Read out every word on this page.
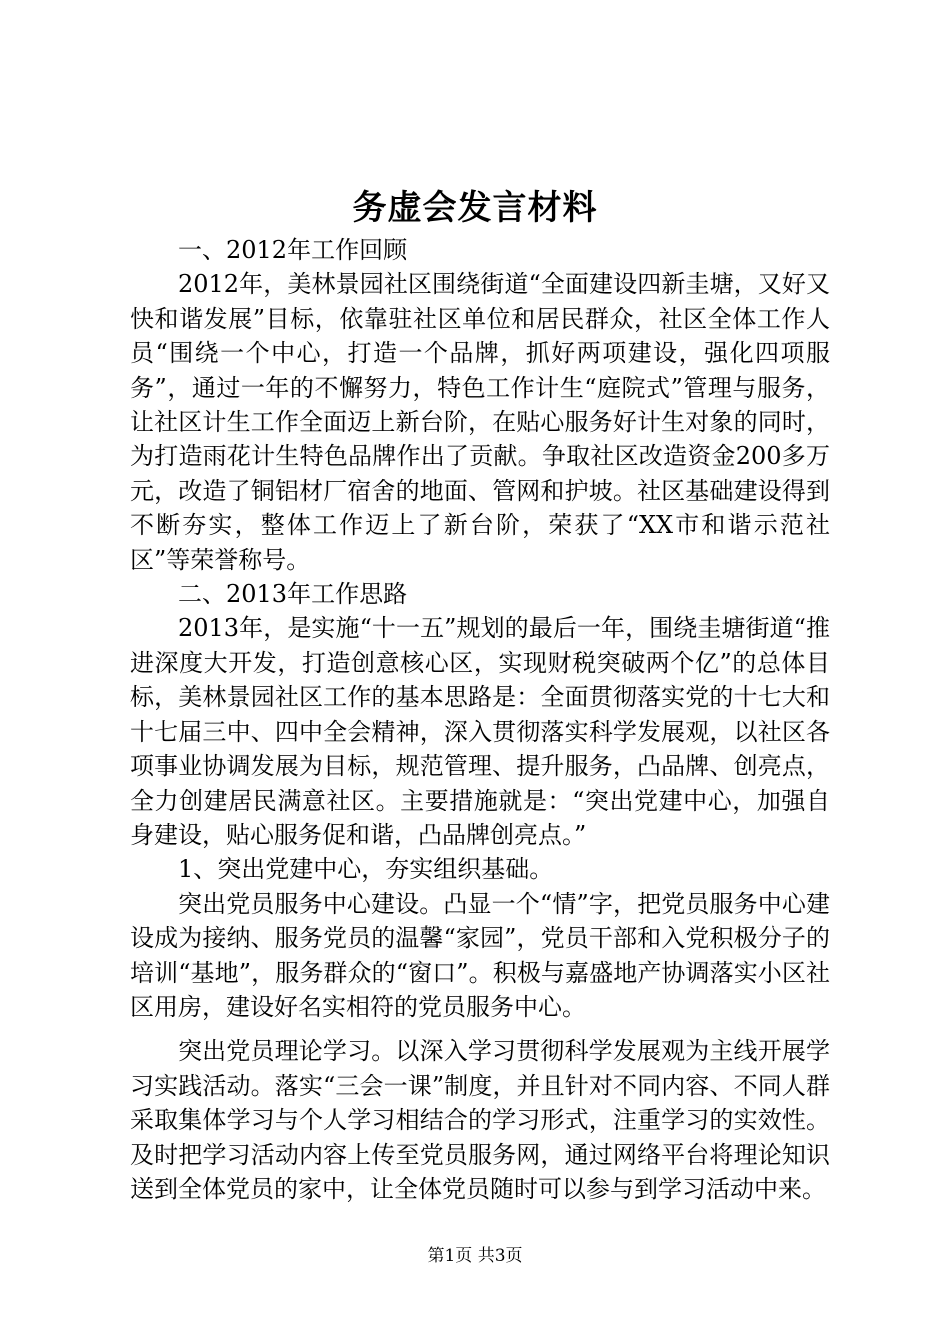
务虚会发言材料

一、2012年工作回顾

2012年，美林景园社区围绕街道“全面建设四新圭塘，又好又快和谐发展”目标，依靠驻社区单位和居民群众，社区全体工作人员“围绕一个中心，打造一个品牌，抓好两项建设，强化四项服务”，通过一年的不懈努力，特色工作计生“庭院式”管理与服务，让社区计生工作全面迈上新台阶，在贴心服务好计生对象的同时，为打造雨花计生特色品牌作出了贡献。争取社区改造资金200多万元，改造了铜铝材厂宿舍的地面、管网和护坡。社区基础建设得到不断夯实，整体工作迈上了新台阶，荣获了“XX市和谐示范社区”等荣誉称号。

二、2013年工作思路

2013年，是实施“十一五”规划的最后一年，围绕圭塘街道“推进深度大开发，打造创意核心区，实现财税突破两个亿”的总体目标，美林景园社区工作的基本思路是：全面贯彻落实党的十七大和十七届三中、四中全会精神，深入贯彻落实科学发展观，以社区各项事业协调发展为目标，规范管理、提升服务，凸品牌、创亮点，全力创建居民满意社区。主要措施就是：“突出党建中心，加强自身建设，贴心服务促和谐，凸品牌创亮点。”

1、突出党建中心，夯实组织基础。

突出党员服务中心建设。凸显一个“情”字，把党员服务中心建设成为接纳、服务党员的温馨“家园”，党员干部和入党积极分子的培训“基地”，服务群众的“窗口”。积极与嘉盛地产协调落实小区社区用房，建设好名实相符的党员服务中心。

突出党员理论学习。以深入学习贯彻科学发展观为主线开展学习实践活动。落实“三会一课”制度，并且针对不同内容、不同人群采取集体学习与个人学习相结合的学习形式，注重学习的实效性。及时把学习活动内容上传至党员服务网，通过网络平台将理论知识送到全体党员的家中，让全体党员随时可以参与到学习活动中来。

第1页 共3页
